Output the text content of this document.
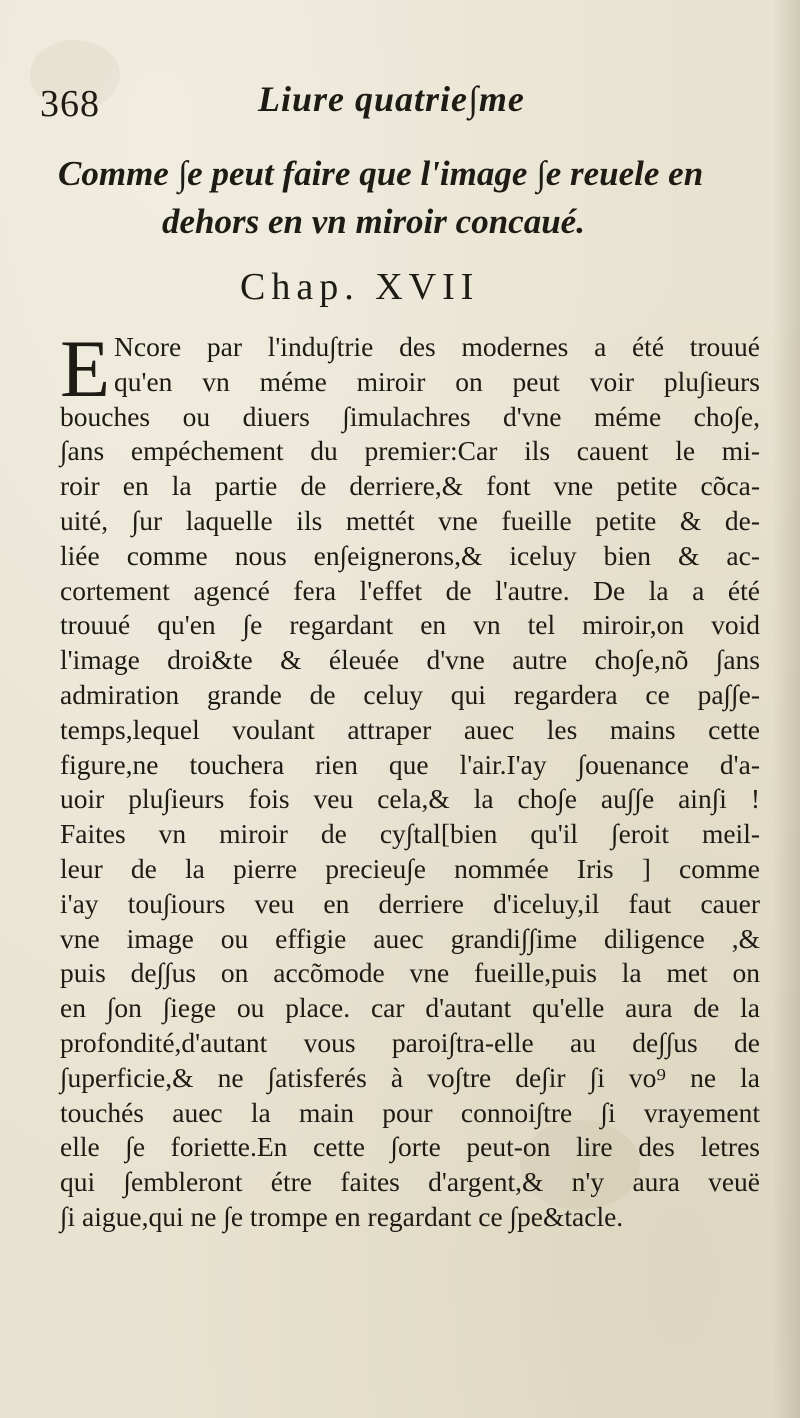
368	Liure quatrie∫me
Comme ∫e peut faire que l'image ∫e reuele en
dehors en vn miroir concaué.
Chap. XVII
E Ncore par l'indu∫trie des modernes a été trouué
qu'en vn méme miroir on peut voir plu∫ieurs
bouches ou diuers ∫imulachres d'vne méme cho∫e,
∫ans empéchement du premier:Car ils cauent le mi-
roir en la partie de derriere,& font vne petite cõca-
uité, ∫ur laquelle ils mettét vne fueille petite & de-
liée comme nous en∫eignerons,& iceluy bien & ac-
cortement agencé fera l'effet de l'autre. De la a été
trouué qu'en ∫e regardant en vn tel miroir,on void
l'image droi&te & éleuée d'vne autre cho∫e,nõ ∫ans
admiration grande de celuy qui regardera ce pa∫∫e-
temps,lequel voulant attraper auec les mains cette
figure,ne touchera rien que l'air.I'ay ∫ouenance d'a-
uoir plu∫ieurs fois veu cela,& la cho∫e au∫∫e ain∫i !
Faites vn miroir de cy∫tal[bien qu'il ∫eroit meil-
leur de la pierre precieu∫e nommée Iris ] comme
i'ay tou∫iours veu en derriere d'iceluy,il faut cauer
vne image ou effigie auec grandi∫∫ime diligence ,&
puis de∫∫us on accõmode vne fueille,puis la met on
en ∫on ∫iege ou place. car d'autant qu'elle aura de la
profondité,d'autant vous paroi∫tra-elle au de∫∫us de
∫uperficie,& ne ∫atisferés à vo∫tre de∫ir ∫i vo⁹ ne la
touchés auec la main pour connoi∫tre ∫i vrayement
elle ∫e foriette.En cette ∫orte peut-on lire des letres
qui ∫embleront étre faites d'argent,& n'y aura veuë
∫i aigue,qui ne ∫e trompe en regardant ce ∫pe&tacle.
